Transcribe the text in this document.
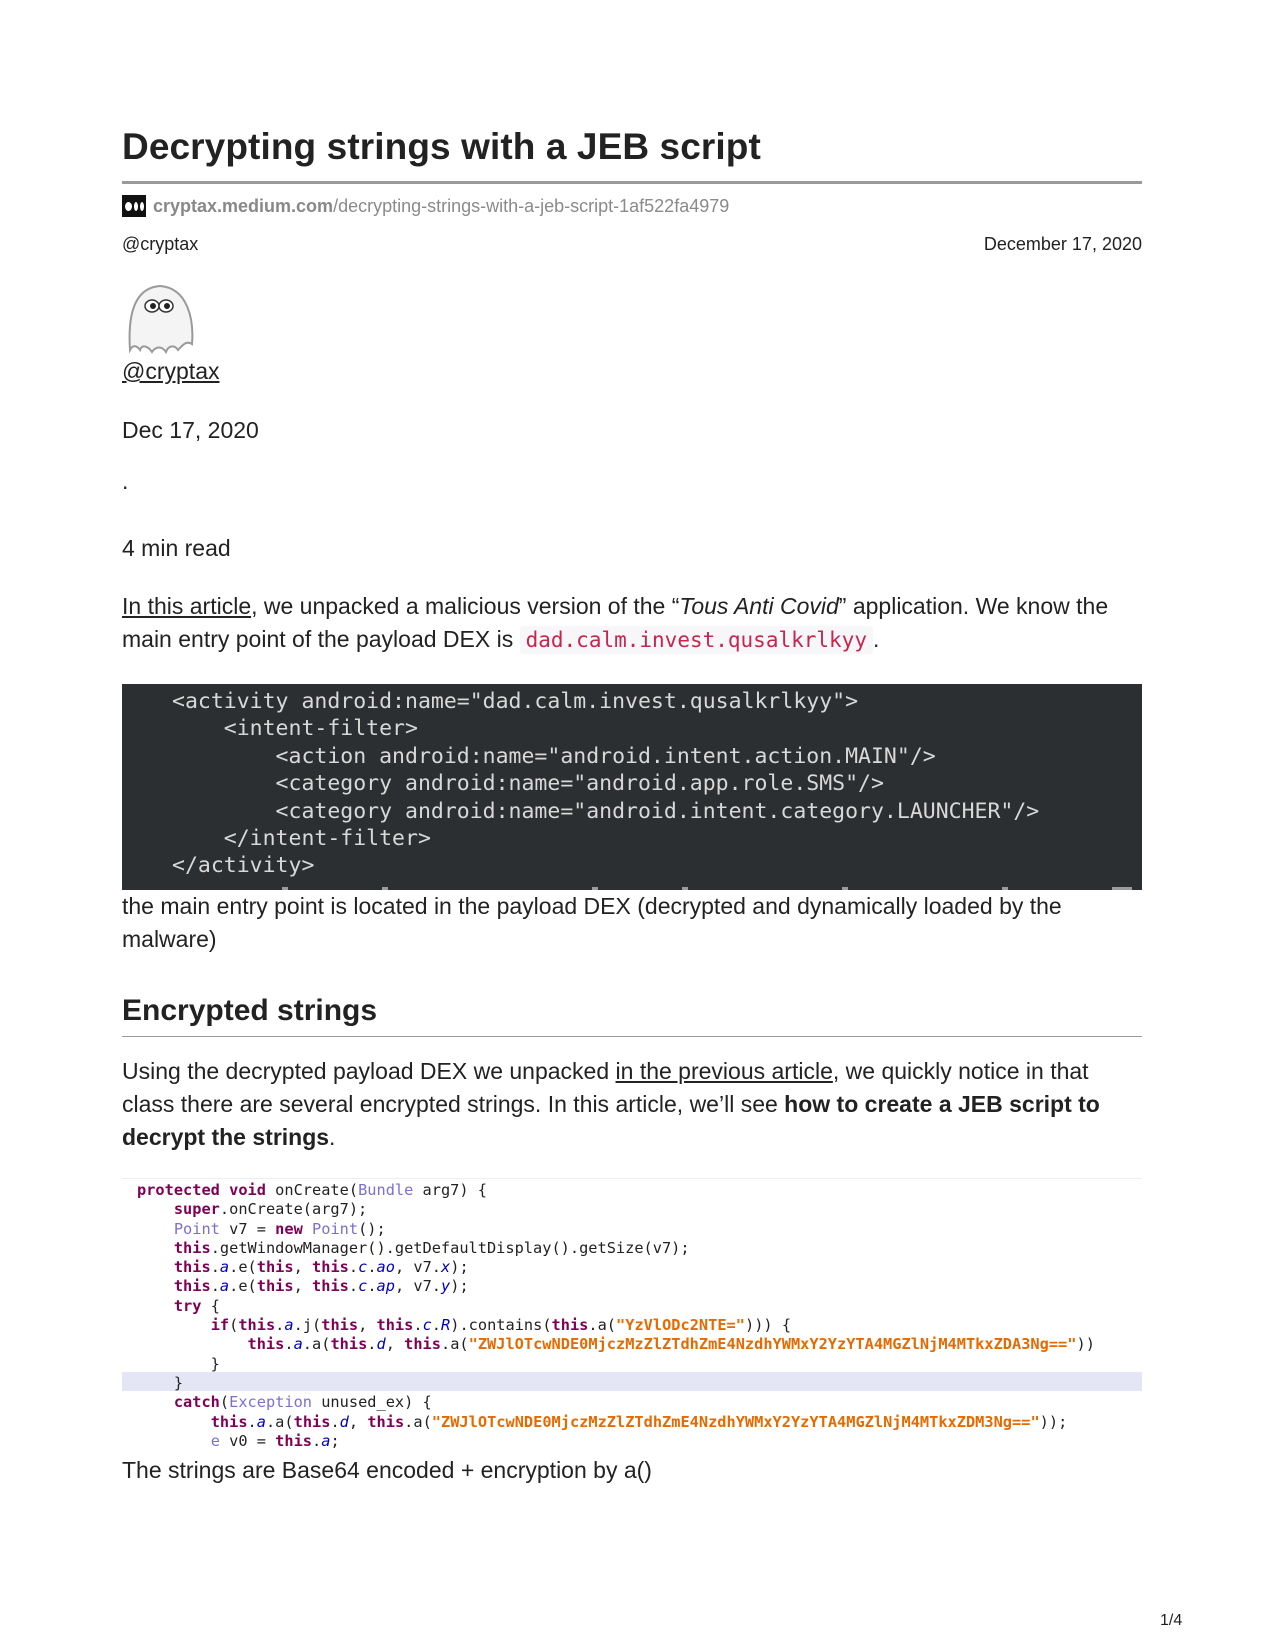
Decrypting strings with a JEB script
cryptax.medium.com /decrypting-strings-with-a-jeb-script-1af522fa4979
@cryptax	December 17, 2020
@cryptax
Dec 17, 2020
.
4 min read

In this article, we unpacked a malicious version of the “Tous Anti Covid” application. We know the main entry point of the payload DEX is dad.calm.invest.qusalkrlkyy .

<activity android:name="dad.calm.invest.qusalkrlkyy">
<intent-filter>
<action android:name="android.intent.action.MAIN"/>
<category android:name="android.app.role.SMS"/>
<category android:name="android.intent.category.LAUNCHER"/>
</intent-filter>
</activity>

the main entry point is located in the payload DEX (decrypted and dynamically loaded by the malware)

Encrypted strings

Using the decrypted payload DEX we unpacked in the previous article, we quickly notice in that class there are several encrypted strings. In this article, we’ll see how to create a JEB script to decrypt the strings.

protected void onCreate(Bundle arg7) {
super.onCreate(arg7);
Point v7 = new Point();
this.getWindowManager().getDefaultDisplay().getSize(v7);
this.a.e(this, this.c.ao, v7.x);
this.a.e(this, this.c.ap, v7.y);
try {
if(this.a.j(this, this.c.R).contains(this.a("YzVlODc2NTE="))) {
this.a.a(this.d, this.a("ZWJlOTcwNDE0MjczMzZlZTdhZmE4NzdhYWMxY2YzYTA4MGZlNjM4MTkxZDA3Ng=="))
}
}
catch(Exception unused_ex) {
this.a.a(this.d, this.a("ZWJlOTcwNDE0MjczMzZlZTdhZmE4NzdhYWMxY2YzYTA4MGZlNjM4MTkxZDM3Ng=="));
e v0 = this.a;

The strings are Base64 encoded + encryption by a()

1/4
